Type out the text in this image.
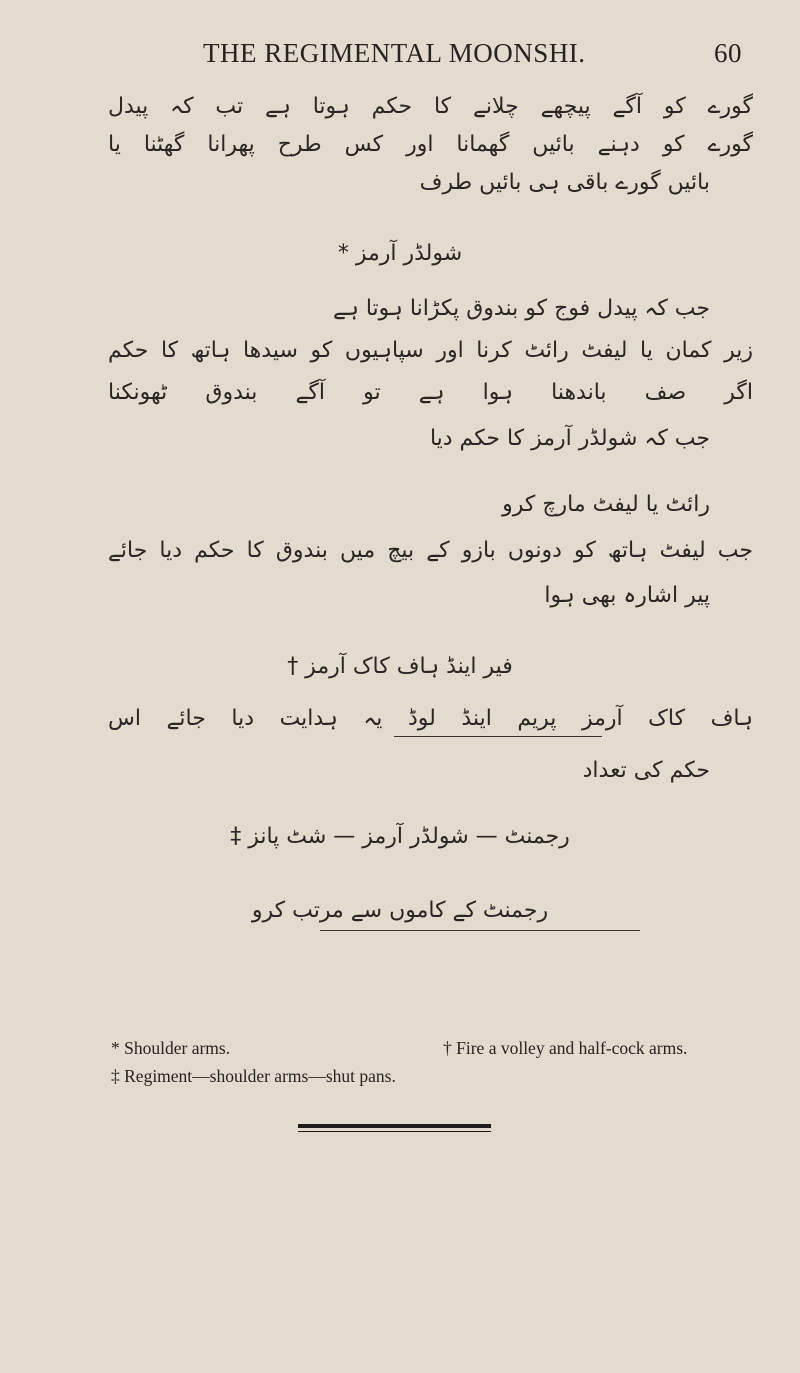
THE REGIMENTAL MOONSHI.	60
گورے کو آگے پیچھے چلانے کا حکم ہوتا ہے تب کہ پیدل
گورے کو دہنے بائیں گھمانا اور کس طرح پھرانا گھٹنا یا
بائیں گورے باقی ہی بائیں طرف
شولڈر آرمز *
جب کہ پیدل فوج کو بندوق پکڑانا ہوتا ہے
زیر کمان یا لیفٹ رائٹ کرنا اور سپاہیوں کو سیدھا ہاتھ کا حکم
اگر صف باندھنا ہوا ہے تو آگے بندوق ٹھونکنا
جب کہ شولڈر آرمز کا حکم دیا
رائٹ یا لیفٹ مارچ کرو
جب لیفٹ ہاتھ کو دونوں بازو کے بیچ میں بندوق کا حکم دیا جائے
پیر اشارہ بھی ہوا
فیر اینڈ ہاف کاک آرمز †
ہاف کاک آرمز پریم اینڈ لوڈ یہ ہدایت دیا جائے اس
حکم کی تعداد
رجمنٹ — شولڈر آرمز — شٹ پانز ‡
رجمنٹ کے کاموں سے مرتب کرو
* Shoulder arms.	† Fire a volley and half-cock arms.
‡ Regiment—shoulder arms—shut pans.
